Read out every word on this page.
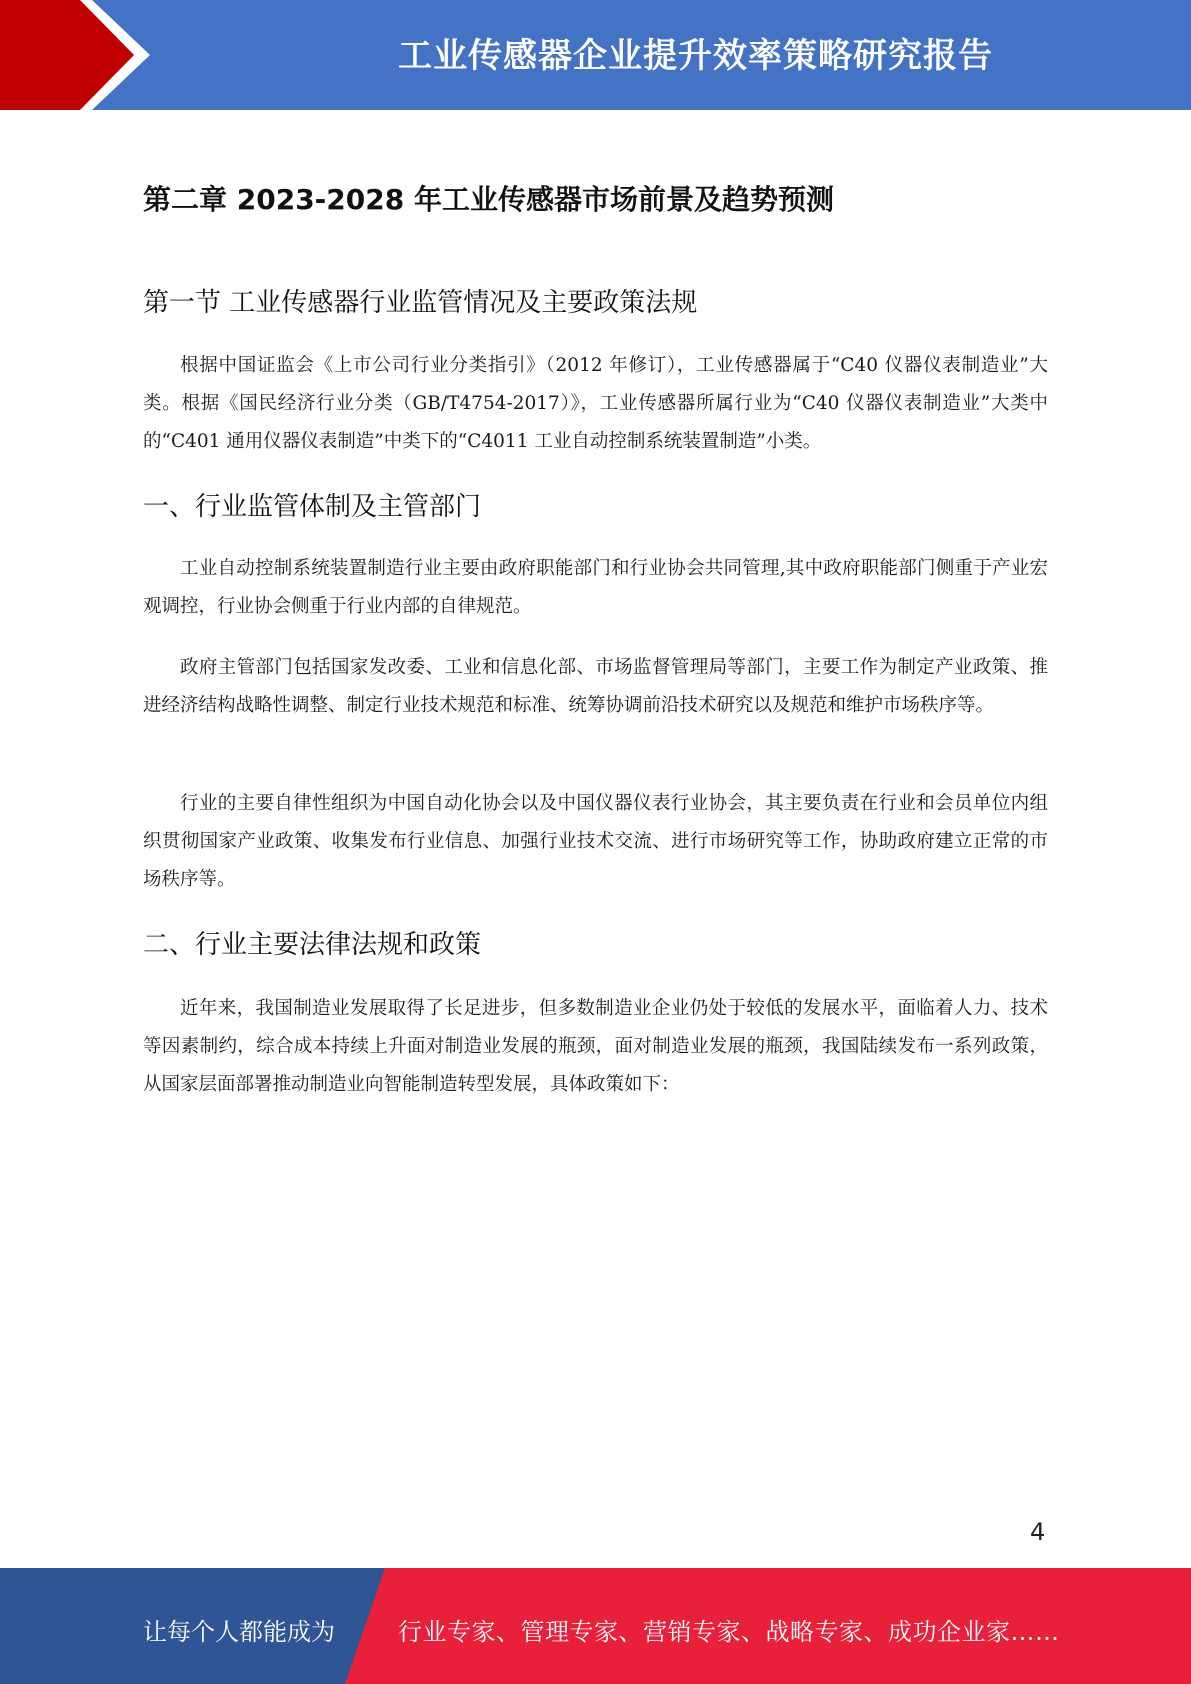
工业传感器企业提升效率策略研究报告
第二章 2023-2028 年工业传感器市场前景及趋势预测
第一节 工业传感器行业监管情况及主要政策法规

根据中国证监会《上市公司行业分类指引》（2012 年修订），工业传感器属于“C40 仪器仪表制造业”大类。根据《国民经济行业分类（GB/T4754-2017）》，工业传感器所属行业为“C40 仪器仪表制造业”大类中的“C401 通用仪器仪表制造”中类下的“C4011 工业自动控制系统装置制造”小类。

一、行业监管体制及主管部门

工业自动控制系统装置制造行业主要由政府职能部门和行业协会共同管理,其中政府职能部门侧重于产业宏观调控，行业协会侧重于行业内部的自律规范。

政府主管部门包括国家发改委、工业和信息化部、市场监督管理局等部门，主要工作为制定产业政策、推进经济结构战略性调整、制定行业技术规范和标准、统筹协调前沿技术研究以及规范和维护市场秩序等。

行业的主要自律性组织为中国自动化协会以及中国仪器仪表行业协会，其主要负责在行业和会员单位内组织贯彻国家产业政策、收集发布行业信息、加强行业技术交流、进行市场研究等工作，协助政府建立正常的市场秩序等。

二、行业主要法律法规和政策

近年来，我国制造业发展取得了长足进步，但多数制造业企业仍处于较低的发展水平，面临着人力、技术等因素制约，综合成本持续上升面对制造业发展的瓶颈，面对制造业发展的瓶颈，我国陆续发布一系列政策，从国家层面部署推动制造业向智能制造转型发展，具体政策如下：

4
让每个人都能成为	行业专家、管理专家、营销专家、战略专家、成功企业家……
